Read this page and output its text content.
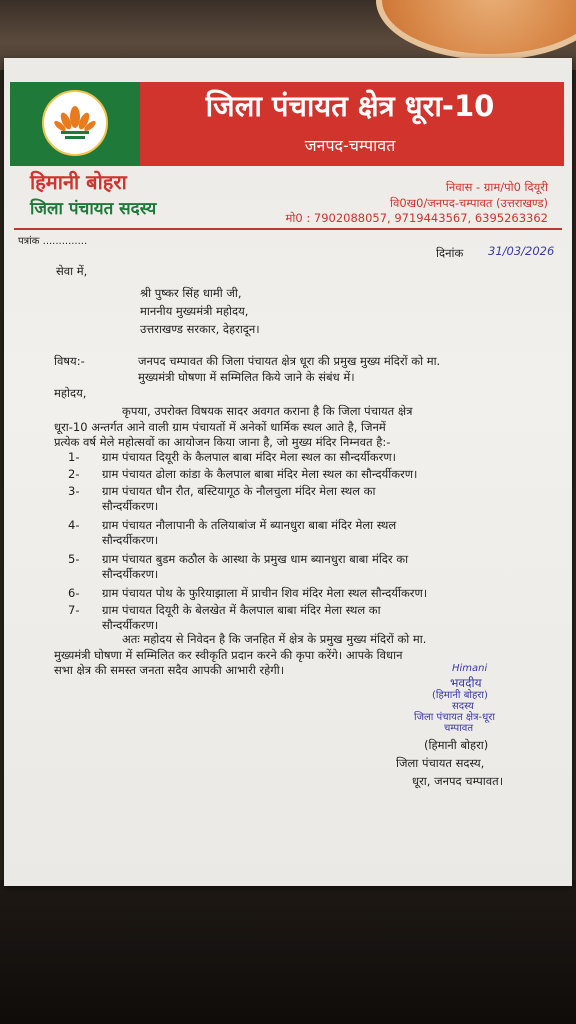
जिला पंचायत क्षेत्र धूरा-10
जनपद-चम्पावत
हिमानी बोहरा
जिला पंचायत सदस्य
निवास - ग्राम/पो0 दियूरी
वि0ख0/जनपद-चम्पावत (उत्तराखण्ड)
मो0 : 7902088057, 9719443567, 6395263362
पत्रांक ..............
दिनांक 31/03/2026
सेवा में,
श्री पुष्कर सिंह धामी जी,
माननीय मुख्यमंत्री महोदय,
उत्तराखण्ड सरकार, देहरादून।
विषय:-	जनपद चम्पावत की जिला पंचायत क्षेत्र धूरा की प्रमुख मुख्य मंदिरों को मा.
मुख्यमंत्री घोषणा में सम्मिलित किये जाने के संबंध में।
महोदय,
कृपया, उपरोक्त विषयक सादर अवगत कराना है कि जिला पंचायत क्षेत्र
धूरा-10 अन्तर्गत आने वाली ग्राम पंचायतों में अनेकों धार्मिक स्थल आते है, जिनमें
प्रत्येक वर्ष मेले महोत्सवों का आयोजन किया जाना है, जो मुख्य मंदिर निम्नवत है:-
1- ग्राम पंचायत दियूरी के कैलपाल बाबा मंदिर मेला स्थल का सौन्दर्यीकरण।
2- ग्राम पंचायत ढोला कांडा के कैलपाल बाबा मंदिर मेला स्थल का सौन्दर्यीकरण।
3- ग्राम पंचायत धौन रौत, बस्टियागूठ के नौलचुला मंदिर मेला स्थल का
सौन्दर्यीकरण।
4- ग्राम पंचायत नौलापानी के तलियाबांज में ब्यानधुरा बाबा मंदिर मेला स्थल
सौन्दर्यीकरण।
5- ग्राम पंचायत बुडम कठौल के आस्था के प्रमुख धाम ब्यानधुरा बाबा मंदिर का
सौन्दर्यीकरण।
6- ग्राम पंचायत पोथ के फुरियाझाला में प्राचीन शिव मंदिर मेला स्थल सौन्दर्यीकरण।
7- ग्राम पंचायत दियूरी के बेलखेत में कैलपाल बाबा मंदिर मेला स्थल का
सौन्दर्यीकरण।
अतः महोदय से निवेदन है कि जनहित में क्षेत्र के प्रमुख मुख्य मंदिरों को मा.
मुख्यमंत्री घोषणा में सम्मिलित कर स्वीकृति प्रदान करने की कृपा करेंगे। आपके विधान
सभा क्षेत्र की समस्त जनता सदैव आपकी आभारी रहेगी।	Himani
भवदीय
(हिमानी बोहरा)
सदस्य
जिला पंचायत क्षेत्र-धूरा
चम्पावत
(हिमानी बोहरा)
जिला पंचायत सदस्य,
धूरा, जनपद चम्पावत।
